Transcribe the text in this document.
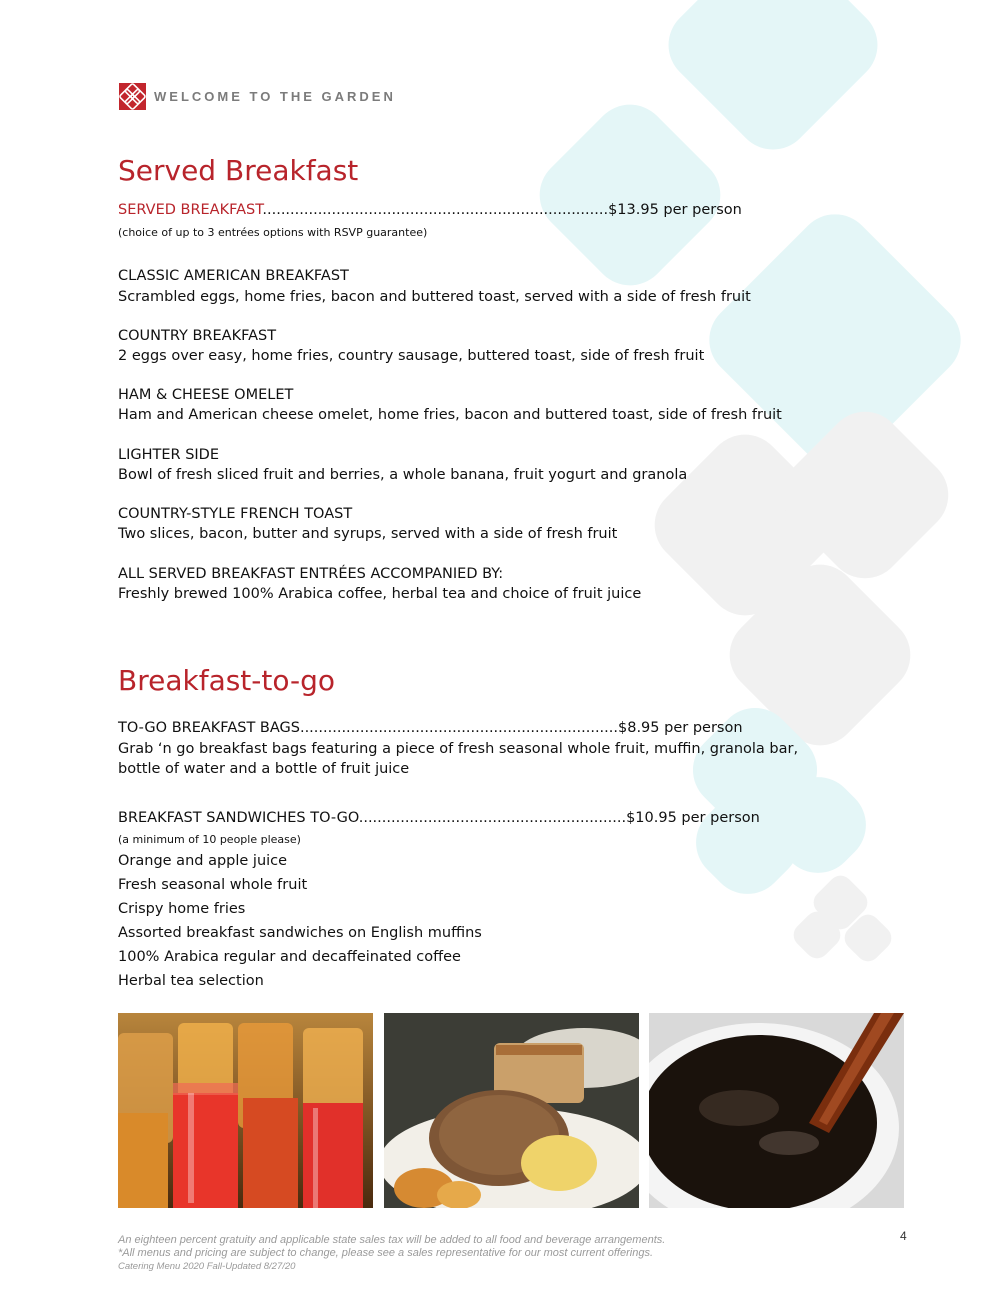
WELCOME TO THE GARDEN
Served Breakfast
SERVED BREAKFAST...........................................................................$13.95 per person
(choice of up to 3 entrées options with RSVP guarantee)
CLASSIC AMERICAN BREAKFAST
Scrambled eggs, home fries, bacon and buttered toast, served with a side of fresh fruit
COUNTRY BREAKFAST
2 eggs over easy, home fries, country sausage, buttered toast, side of fresh fruit
HAM & CHEESE OMELET
Ham and American cheese omelet, home fries, bacon and buttered toast, side of fresh fruit
LIGHTER SIDE
Bowl of fresh sliced fruit and berries, a whole banana, fruit yogurt and granola
COUNTRY-STYLE FRENCH TOAST
Two slices, bacon, butter and syrups, served with a side of fresh fruit
ALL SERVED BREAKFAST ENTRÉES ACCOMPANIED BY:
Freshly brewed 100% Arabica coffee, herbal tea and choice of fruit juice
Breakfast-to-go
TO-GO BREAKFAST BAGS.....................................................................$8.95 per person
Grab ‘n go breakfast bags featuring a piece of fresh seasonal whole fruit, muffin, granola bar,
bottle of water and a bottle of fruit juice
BREAKFAST SANDWICHES TO-GO..........................................................$10.95 per person
(a minimum of 10 people please)
Orange and apple juice
Fresh seasonal whole fruit
Crispy home fries
Assorted breakfast sandwiches on English muffins
100% Arabica regular and decaffeinated coffee
Herbal tea selection
An eighteen percent gratuity and applicable state sales tax will be added to all food and beverage arrangements.
*All menus and pricing are subject to change, please see a sales representative for our most current offerings.
Catering Menu 2020 Fall-Updated 8/27/20
4
